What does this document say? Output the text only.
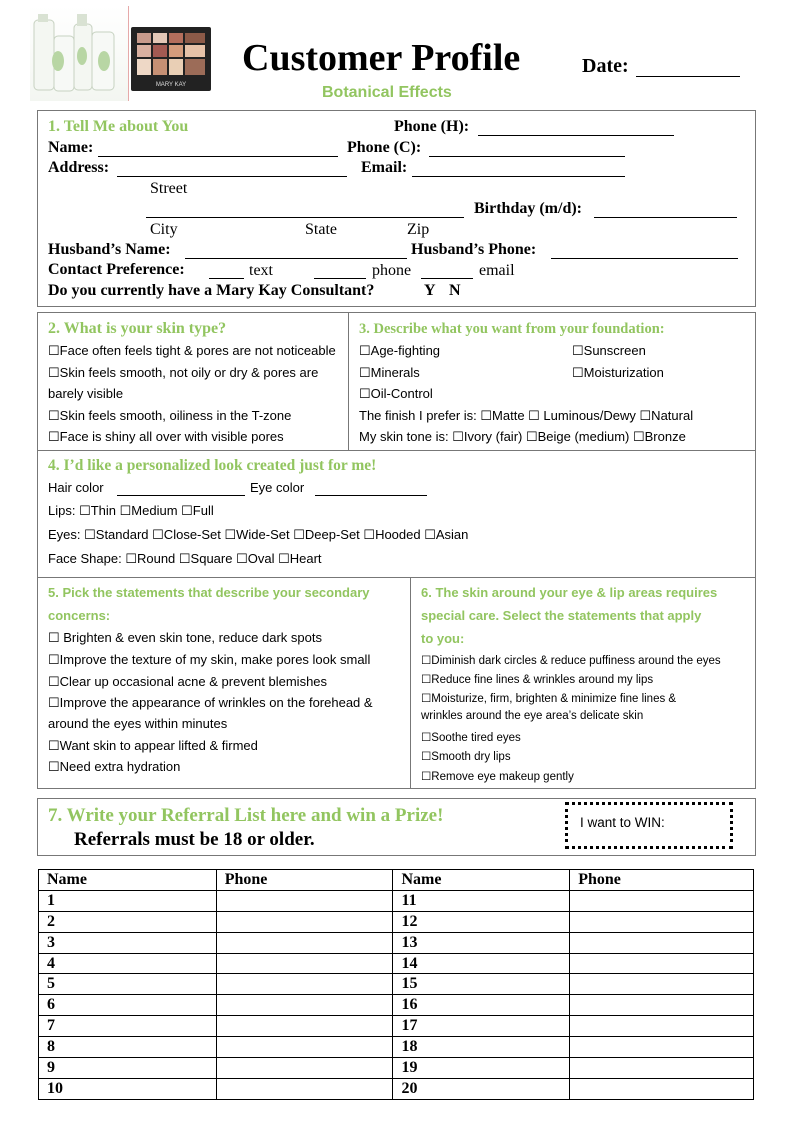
MARY KAY
Customer Profile
Botanical Effects
Date:
1. Tell Me about You	Phone (H):
Name:	Phone (C):
Address:	Email:
Street
Birthday (m/d):
City	State	Zip
Husband’s Name:	Husband’s Phone:
Contact Preference:	text	phone	email
Do you currently have a Mary Kay Consultant?	Y N
2. What is your skin type?
☐Face often feels tight & pores are not noticeable
☐Skin feels smooth, not oily or dry & pores are
barely visible
☐Skin feels smooth, oiliness in the T-zone
☐Face is shiny all over with visible pores
3. Describe what you want from your foundation:
☐Age-fighting	☐Sunscreen
☐Minerals	☐Moisturization
☐Oil-Control
The finish I prefer is: ☐Matte ☐ Luminous/Dewy ☐Natural
My skin tone is: ☐Ivory (fair) ☐Beige (medium) ☐Bronze
4. I’d like a personalized look created just for me!
Hair color	Eye color
Lips: ☐Thin ☐Medium ☐Full
Eyes: ☐Standard ☐Close-Set ☐Wide-Set ☐Deep-Set ☐Hooded ☐Asian
Face Shape: ☐Round ☐Square ☐Oval ☐Heart
5. Pick the statements that describe your secondary
concerns:
☐ Brighten & even skin tone, reduce dark spots
☐Improve the texture of my skin, make pores look small
☐Clear up occasional acne & prevent blemishes
☐Improve the appearance of wrinkles on the forehead &
around the eyes within minutes
☐Want skin to appear lifted & firmed
☐Need extra hydration
6. The skin around your eye & lip areas requires
special care. Select the statements that apply
to you:
☐Diminish dark circles & reduce puffiness around the eyes
☐Reduce fine lines & wrinkles around my lips
☐Moisturize, firm, brighten & minimize fine lines &
wrinkles around the eye area’s delicate skin
☐Soothe tired eyes
☐Smooth dry lips
☐Remove eye makeup gently
7. Write your Referral List here and win a Prize!
Referrals must be 18 or older.
I want to WIN:
Name	Phone	Name	Phone
1		11	
2		12	
3		13	
4		14	
5		15	
6		16	
7		17	
8		18	
9		19	
10		20	
